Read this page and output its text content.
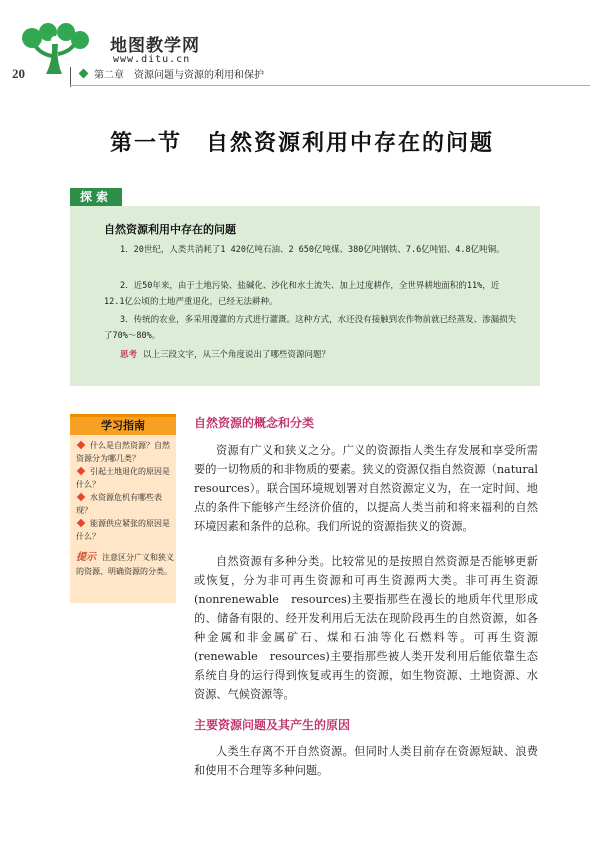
地图教学网
www.ditu.cn
20	第二章　资源问题与资源的利用和保护
第一节　自然资源利用中存在的问题
探索
自然资源利用中存在的问题

1．20世纪，人类共消耗了1 420亿吨石油、2 650亿吨煤、380亿吨钢铁、7.6亿吨铝、4.8亿吨铜。

2．近50年来，由于土地污染、盐碱化、沙化和水土流失、加上过度耕作，全世界耕地面积的11%，近12.1亿公顷的土地严重退化，已经无法耕种。

3．传统的农业，多采用漫灌的方式进行灌溉。这种方式，水还没有接触到农作物前就已经蒸发、渗漏损失了70%～80%。

思考 以上三段文字，从三个角度说出了哪些资源问题？
学习指南
什么是自然资源？自然资源分为哪几类？
引起土地退化的原因是什么？
水资源危机有哪些表现？
能源供应紧张的原因是什么？
提示 注意区分广义和狭义的资源、明确资源的分类。
自然资源的概念和分类

资源有广义和狭义之分。广义的资源指人类生存发展和享受所需要的一切物质的和非物质的要素。狭义的资源仅指自然资源（natural　resources）。联合国环境规划署对自然资源定义为，在一定时间、地点的条件下能够产生经济价值的，以提高人类当前和将来福利的自然环境因素和条件的总称。我们所说的资源指狭义的资源。

自然资源有多种分类。比较常见的是按照自然资源是否能够更新或恢复，分为非可再生资源和可再生资源两大类。非可再生资源(nonrenewable　resources)主要指那些在漫长的地质年代里形成的、储备有限的、经开发利用后无法在现阶段再生的自然资源，如各种金属和非金属矿石、煤和石油等化石燃料等。可再生资源(renewable　resources)主要指那些被人类开发利用后能依靠生态系统自身的运行得到恢复或再生的资源，如生物资源、土地资源、水资源、气候资源等。

主要资源问题及其产生的原因

人类生存离不开自然资源。但同时人类目前存在资源短缺、浪费和使用不合理等多种问题。
